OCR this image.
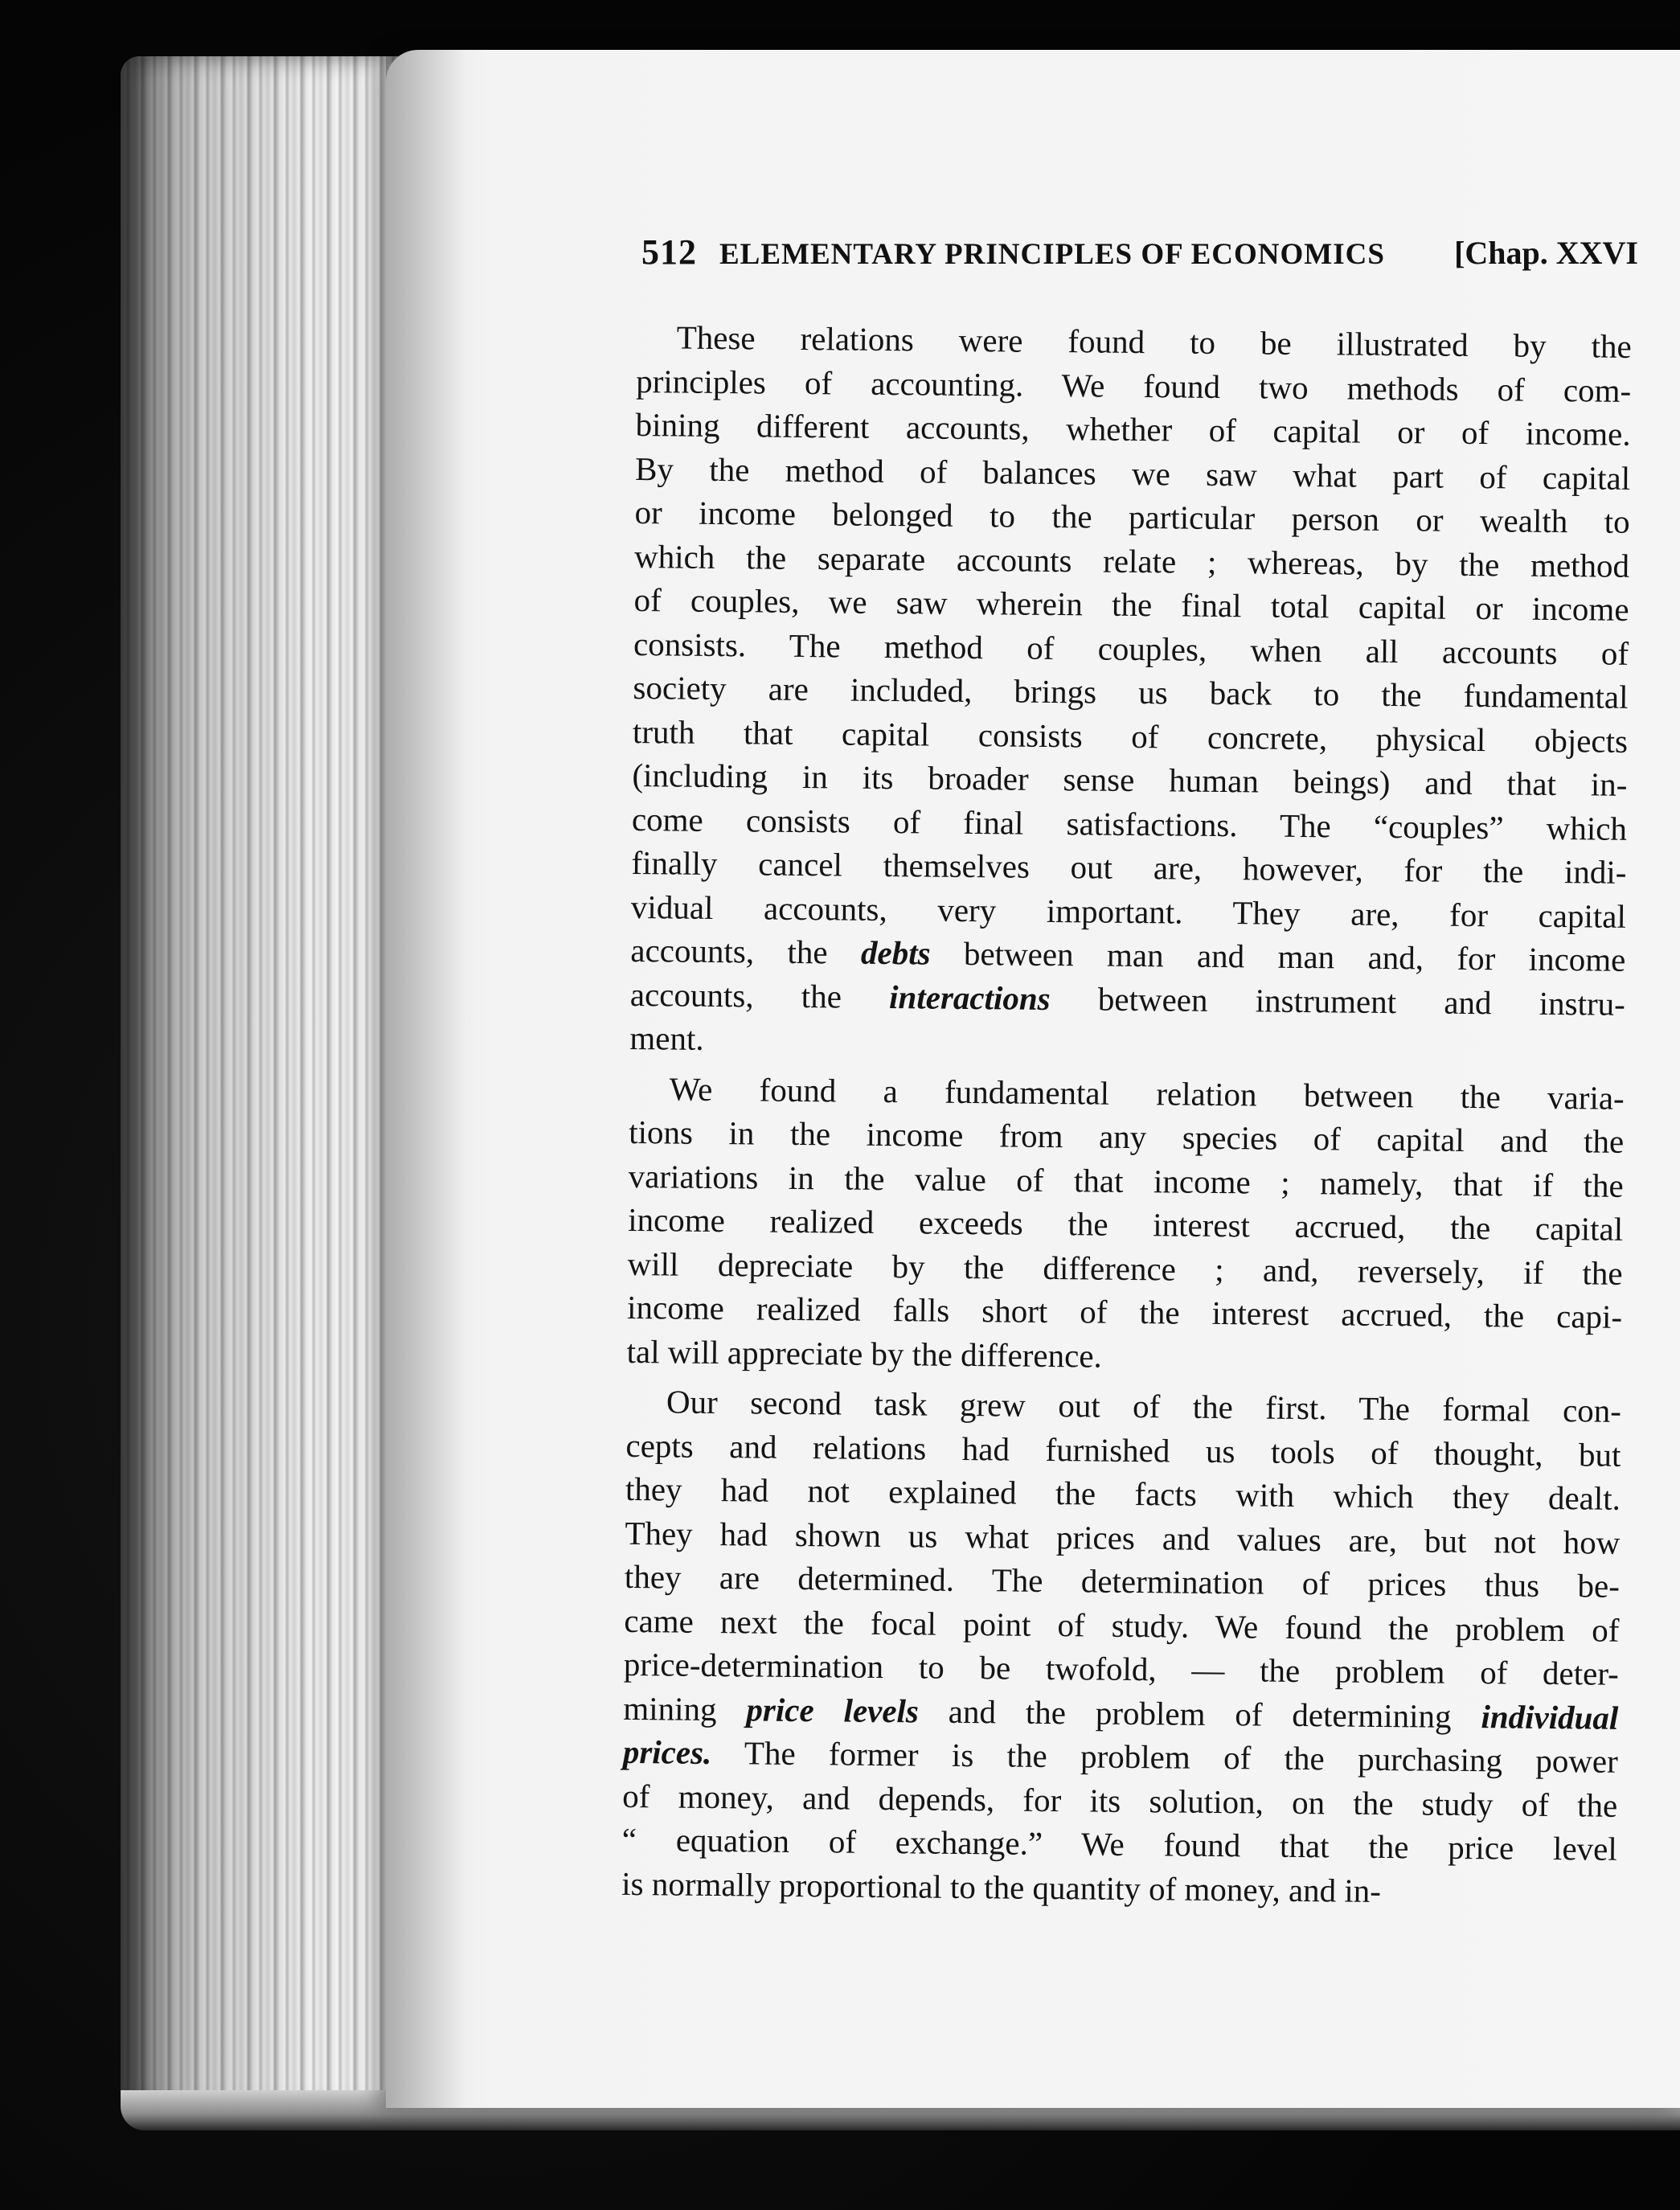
512 ELEMENTARY PRINCIPLES OF ECONOMICS	[Chap. XXVI
These relations were found to be illustrated by the
principles of accounting. We found two methods of com-
bining different accounts, whether of capital or of income.
By the method of balances we saw what part of capital
or income belonged to the particular person or wealth to
which the separate accounts relate ; whereas, by the method
of couples, we saw wherein the final total capital or income
consists. The method of couples, when all accounts of
society are included, brings us back to the fundamental
truth that capital consists of concrete, physical objects
(including in its broader sense human beings) and that in-
come consists of final satisfactions. The “couples” which
finally cancel themselves out are, however, for the indi-
vidual accounts, very important. They are, for capital
accounts, the debts between man and man and, for income
accounts, the interactions between instrument and instru-
ment.
We found a fundamental relation between the varia-
tions in the income from any species of capital and the
variations in the value of that income ; namely, that if the
income realized exceeds the interest accrued, the capital
will depreciate by the difference ; and, reversely, if the
income realized falls short of the interest accrued, the capi-
tal will appreciate by the difference.
Our second task grew out of the first. The formal con-
cepts and relations had furnished us tools of thought, but
they had not explained the facts with which they dealt.
They had shown us what prices and values are, but not how
they are determined. The determination of prices thus be-
came next the focal point of study. We found the problem of
price-determination to be twofold, — the problem of deter-
mining price levels and the problem of determining individual
prices. The former is the problem of the purchasing power
of money, and depends, for its solution, on the study of the
“ equation of exchange.” We found that the price level
is normally proportional to the quantity of money, and in-
